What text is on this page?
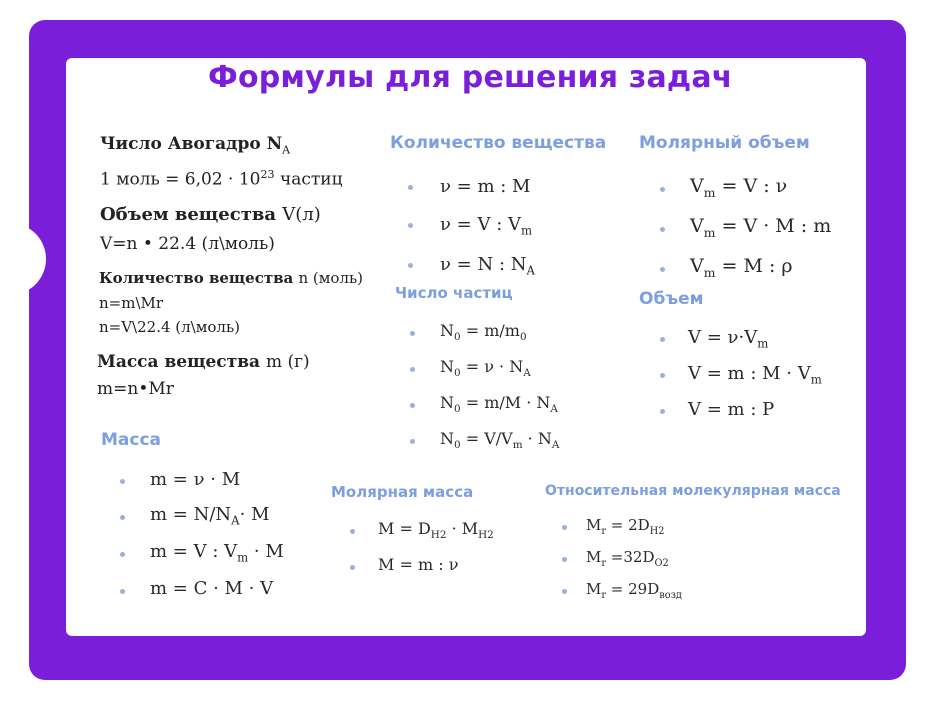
Формулы для решения задач
Число Авогадро $N_A$
1 моль = $6,02 \cdot 10^{23}$ частиц
Объем вещества V(л)
V=n • 22.4 (л\моль)
Количество вещества n (моль)
n=m\Mr
n=V\22.4 (л\моль)
Масса вещества m (г)
m=n•Mr
Количество вещества
ν = m : M
ν = V : $V_m$
ν = N : $N_A$
Молярный объем
$V_m = V$ : ν
$V_m = V \cdot M$ : m
$V_m = M$ : ρ
Число частиц
$N_0 = m/m_0$
$N_0 = \nu \cdot N_A$
$N_0 = m/M \cdot N_A$
$N_0 = V/V_m \cdot N_A$
Объем
$V = \nu\cdot V_m$
V = m : $M \cdot V_m$
V = m : P
Масса
m = ν · M
$m = N/N_A\cdot M$
m = V : $V_m \cdot M$
m = C · M · V
Молярная масса
$M = D_{H2} \cdot M_{H2}$
M = m : ν
Относительная молекулярная масса
$M_r = 2D_{H2}$
$M_r =32D_{O2}$
$M_r = 29D_{возд}$
